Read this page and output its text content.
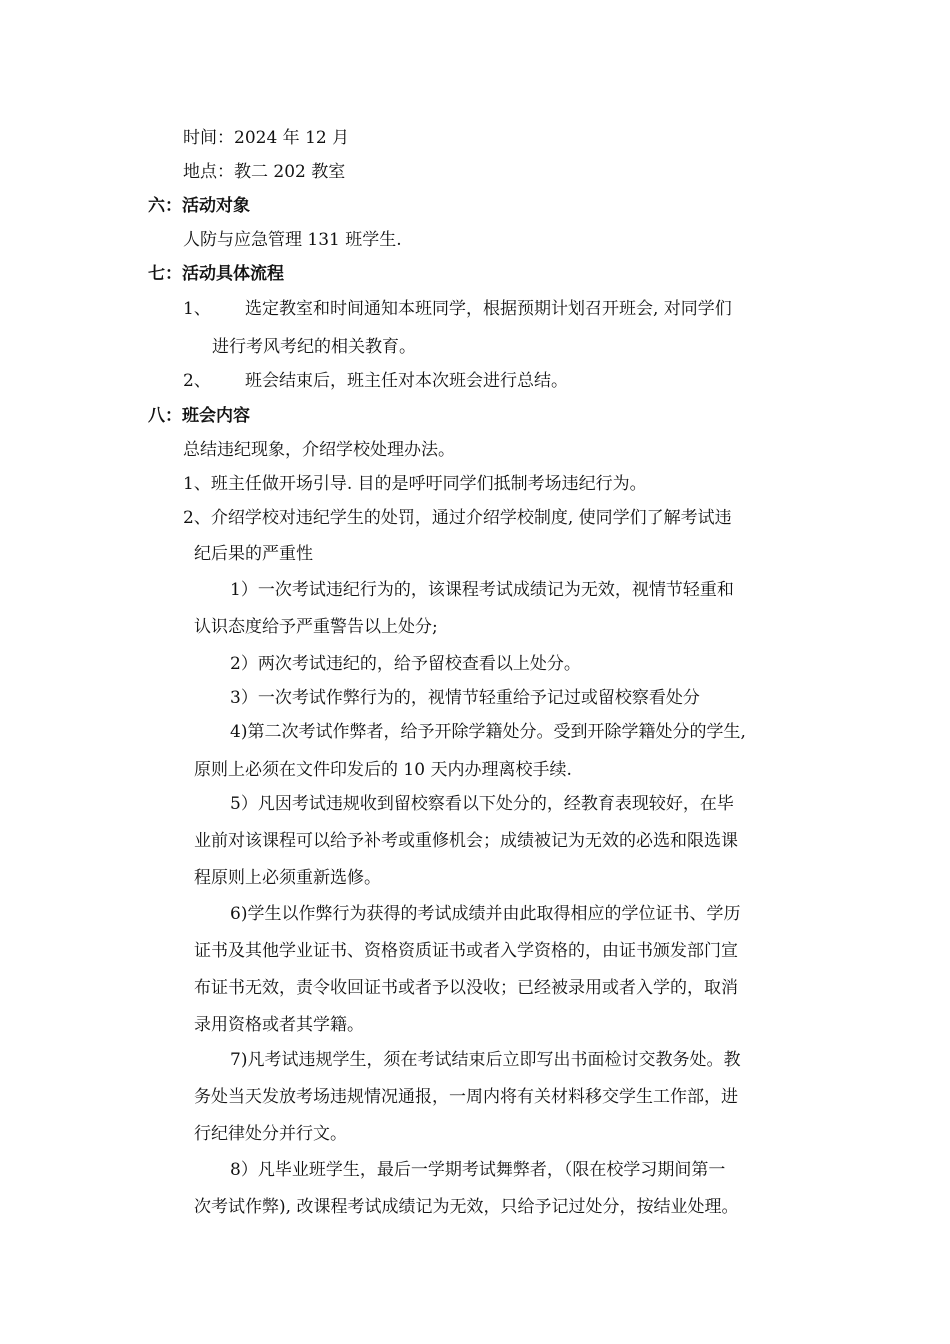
时间：2024 年 12 月
地点：教二 202 教室
六：活动对象
人防与应急管理 131 班学生.
七：活动具体流程
1、 选定教室和时间通知本班同学，根据预期计划召开班会, 对同学们
进行考风考纪的相关教育。
2、 班会结束后，班主任对本次班会进行总结。
八：班会内容
总结违纪现象，介绍学校处理办法。
1、班主任做开场引导. 目的是呼吁同学们抵制考场违纪行为。
2、介绍学校对违纪学生的处罚，通过介绍学校制度, 使同学们了解考试违
纪后果的严重性
1）一次考试违纪行为的，该课程考试成绩记为无效，视情节轻重和
认识态度给予严重警告以上处分;
2）两次考试违纪的，给予留校查看以上处分。
3）一次考试作弊行为的，视情节轻重给予记过或留校察看处分
4)第二次考试作弊者，给予开除学籍处分。受到开除学籍处分的学生,
原则上必须在文件印发后的 10 天内办理离校手续.
5）凡因考试违规收到留校察看以下处分的，经教育表现较好，在毕
业前对该课程可以给予补考或重修机会；成绩被记为无效的必选和限选课
程原则上必须重新选修。
6)学生以作弊行为获得的考试成绩并由此取得相应的学位证书、学历
证书及其他学业证书、资格资质证书或者入学资格的，由证书颁发部门宣
布证书无效，责令收回证书或者予以没收；已经被录用或者入学的，取消
录用资格或者其学籍。
7)凡考试违规学生，须在考试结束后立即写出书面检讨交教务处。教
务处当天发放考场违规情况通报，一周内将有关材料移交学生工作部，进
行纪律处分并行文。
8）凡毕业班学生，最后一学期考试舞弊者，（限在校学习期间第一
次考试作弊), 改课程考试成绩记为无效，只给予记过处分，按结业处理。
